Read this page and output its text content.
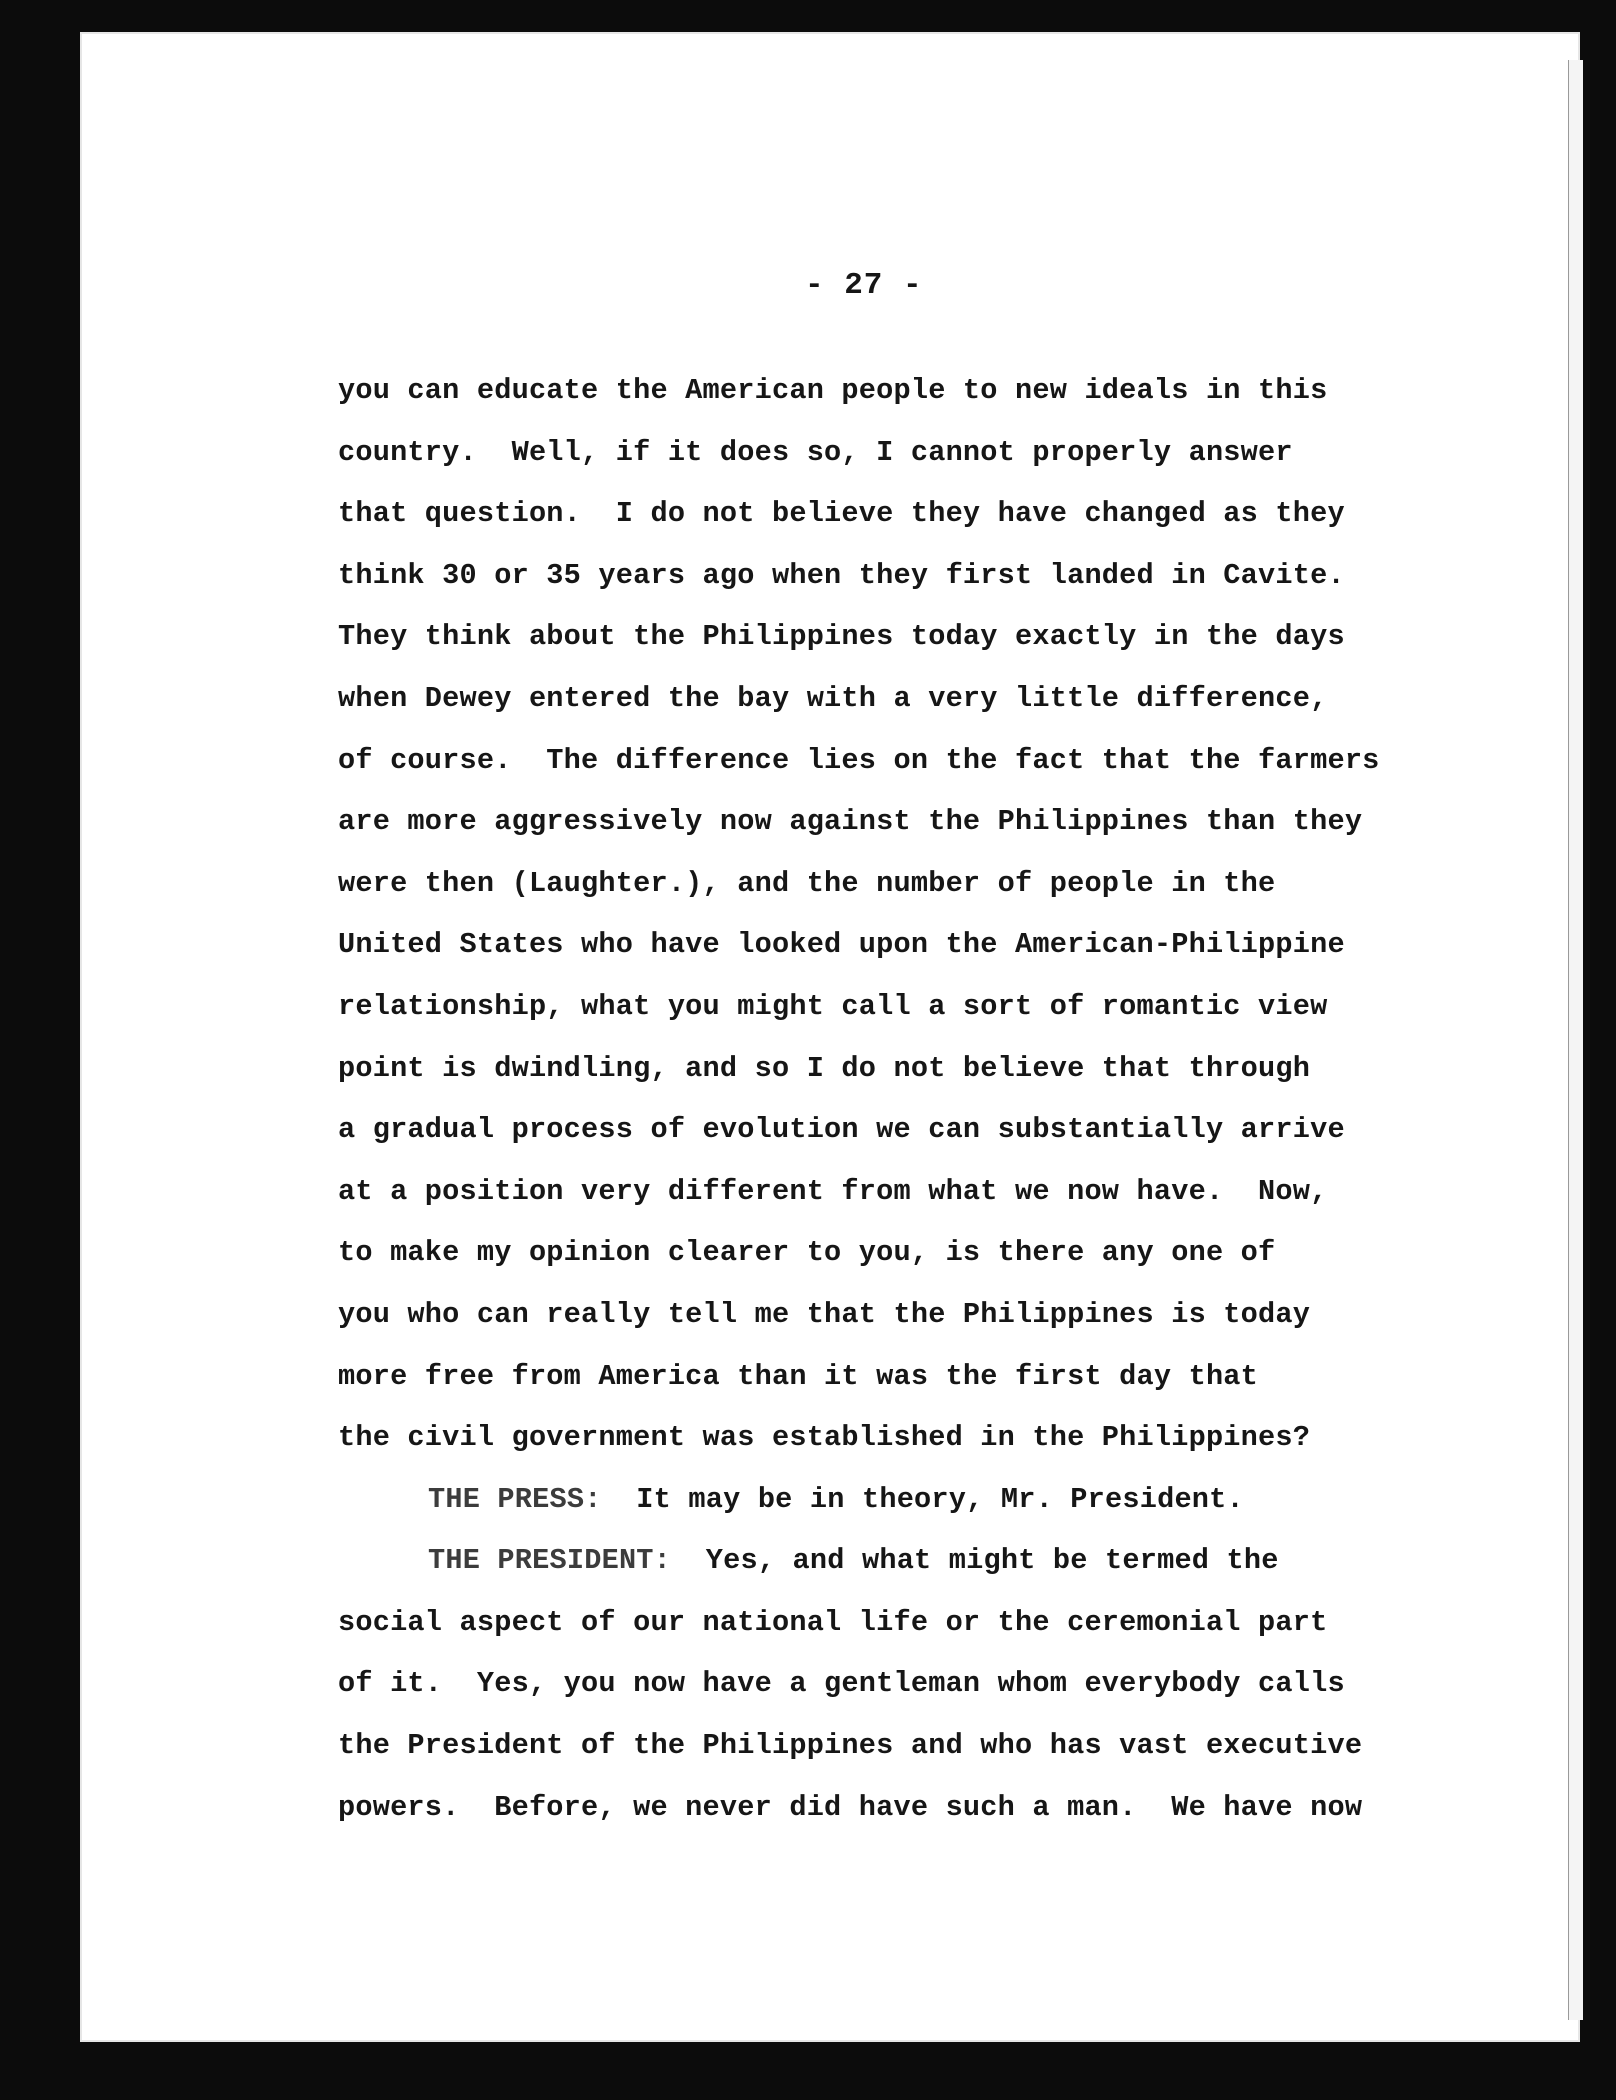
- 27 -
you can educate the American people to new ideals in this
country.  Well, if it does so, I cannot properly answer
that question.  I do not believe they have changed as they
think 30 or 35 years ago when they first landed in Cavite.
They think about the Philippines today exactly in the days
when Dewey entered the bay with a very little difference,
of course.  The difference lies on the fact that the farmers
are more aggressively now against the Philippines than they
were then (Laughter.), and the number of people in the
United States who have looked upon the American-Philippine
relationship, what you might call a sort of romantic view
point is dwindling, and so I do not believe that through
a gradual process of evolution we can substantially arrive
at a position very different from what we now have.  Now,
to make my opinion clearer to you, is there any one of
you who can really tell me that the Philippines is today
more free from America than it was the first day that
the civil government was established in the Philippines?
THE PRESS:  It may be in theory, Mr. President.
THE PRESIDENT:  Yes, and what might be termed the
social aspect of our national life or the ceremonial part
of it.  Yes, you now have a gentleman whom everybody calls
the President of the Philippines and who has vast executive
powers.  Before, we never did have such a man.  We have now
